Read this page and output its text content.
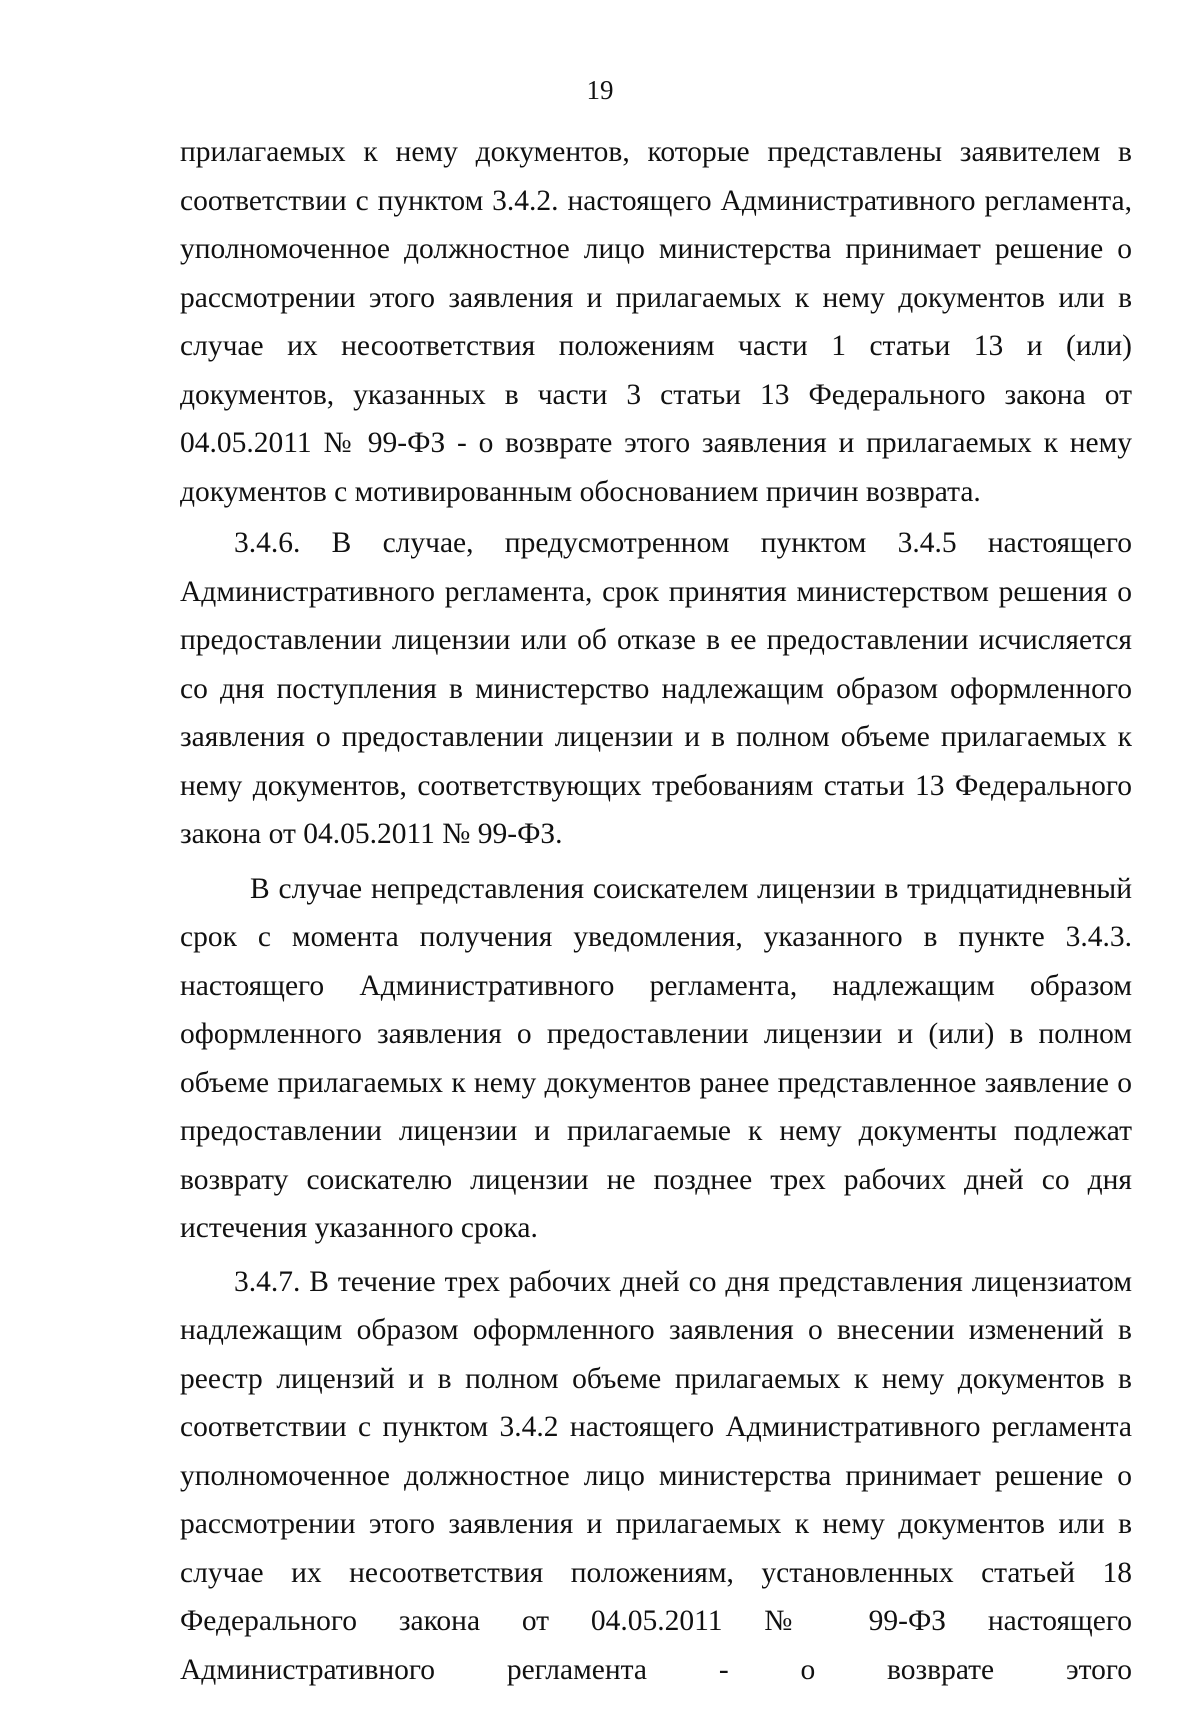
19

прилагаемых к нему документов, которые представлены заявителем в соответствии с пунктом 3.4.2. настоящего Административного регламента, уполномоченное должностное лицо министерства принимает решение о рассмотрении этого заявления и прилагаемых к нему документов или в случае их несоответствия положениям части 1 статьи 13 и (или) документов, указанных в части 3 статьи 13 Федерального закона от 04.05.2011 № 99-ФЗ - о возврате этого заявления и прилагаемых к нему документов с мотивированным обоснованием причин возврата.

3.4.6. В случае, предусмотренном пунктом 3.4.5 настоящего Административного регламента, срок принятия министерством решения о предоставлении лицензии или об отказе в ее предоставлении исчисляется со дня поступления в министерство надлежащим образом оформленного заявления о предоставлении лицензии и в полном объеме прилагаемых к нему документов, соответствующих требованиям статьи 13 Федерального закона от 04.05.2011 № 99-ФЗ.

В случае непредставления соискателем лицензии в тридцатидневный срок с момента получения уведомления, указанного в пункте 3.4.3. настоящего Административного регламента, надлежащим образом оформленного заявления о предоставлении лицензии и (или) в полном объеме прилагаемых к нему документов ранее представленное заявление о предоставлении лицензии и прилагаемые к нему документы подлежат возврату соискателю лицензии не позднее трех рабочих дней со дня истечения указанного срока.

3.4.7. В течение трех рабочих дней со дня представления лицензиатом надлежащим образом оформленного заявления о внесении изменений в реестр лицензий и в полном объеме прилагаемых к нему документов в соответствии с пунктом 3.4.2 настоящего Административного регламента уполномоченное должностное лицо министерства принимает решение о рассмотрении этого заявления и прилагаемых к нему документов или в случае их несоответствия положениям, установленных статьей 18 Федерального закона от 04.05.2011 № 99-ФЗ настоящего Административного регламента - о возврате этого
